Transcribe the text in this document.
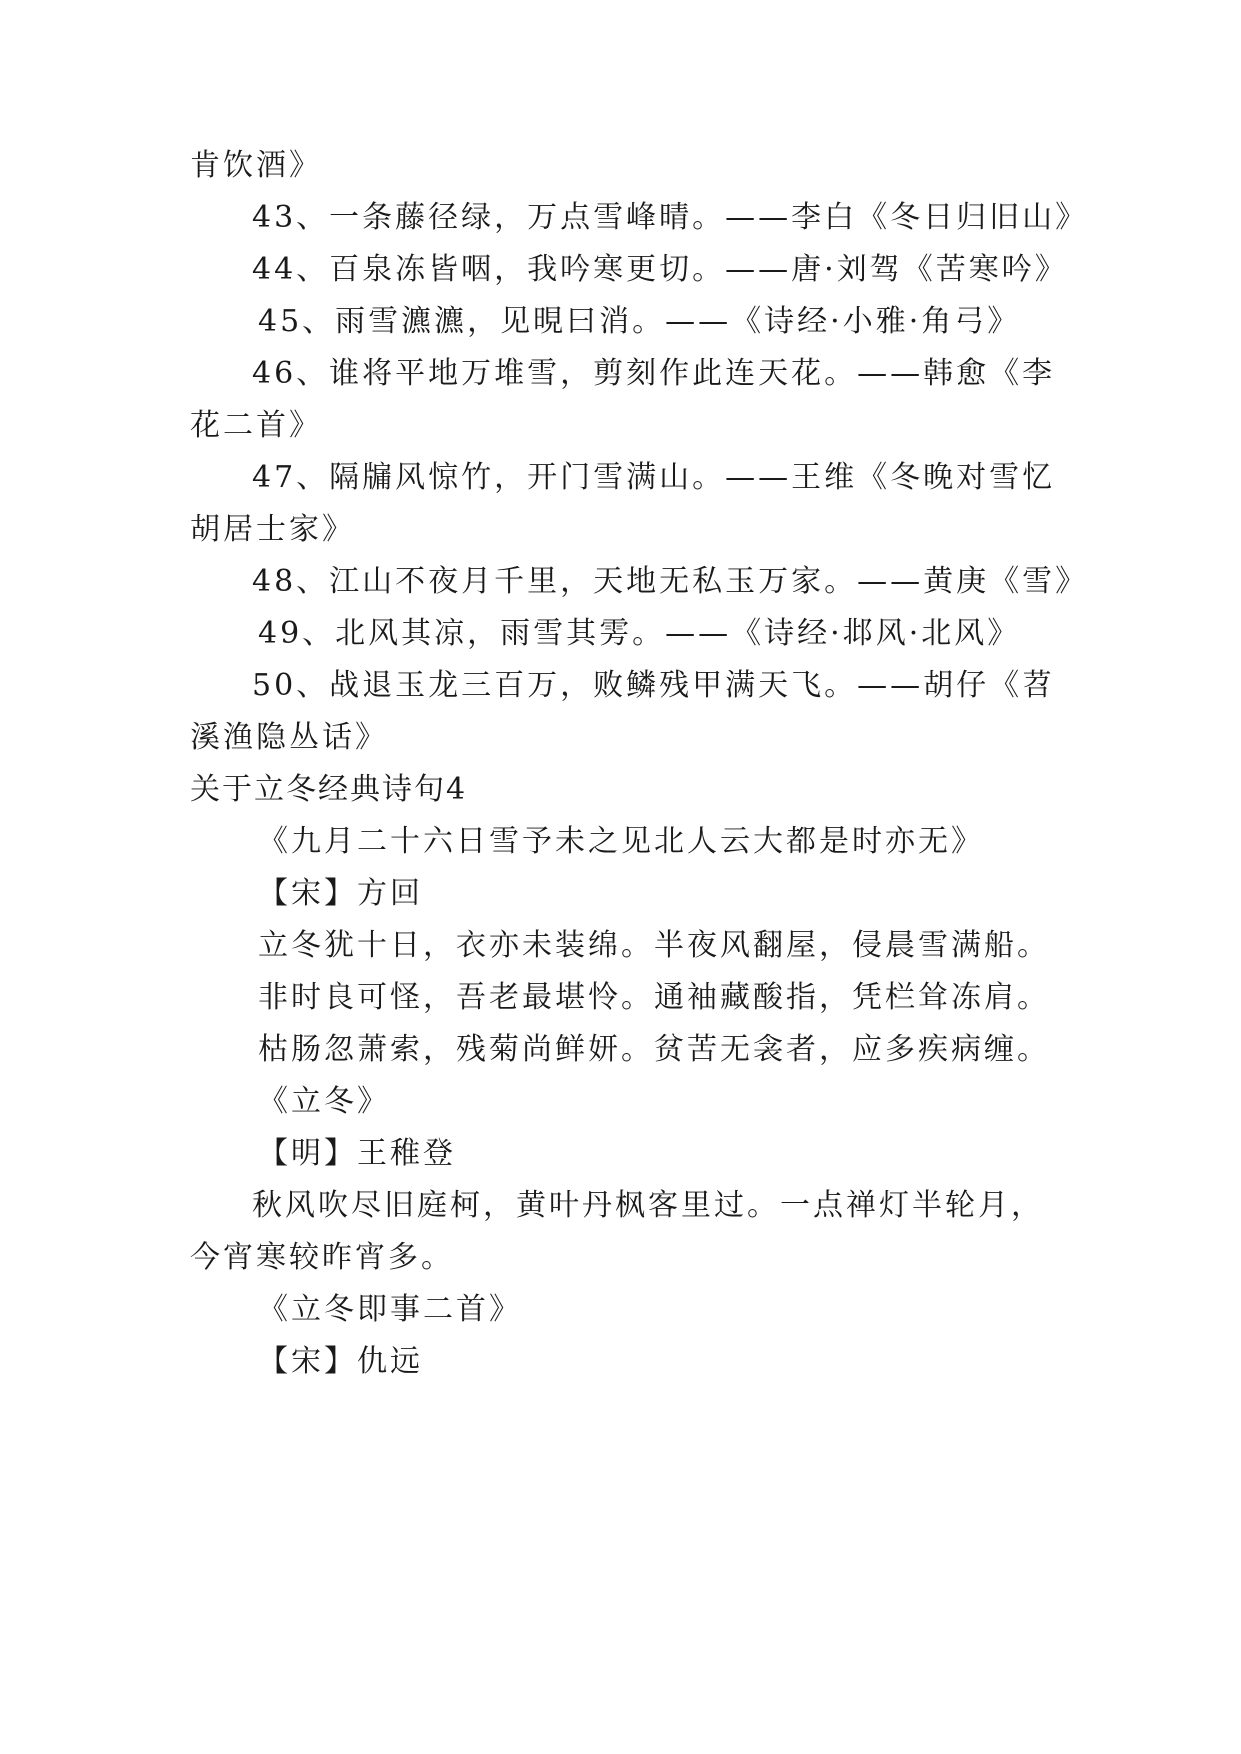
肯饮酒》
43、一条藤径绿，万点雪峰晴。——李白《冬日归旧山》
44、百泉冻皆咽，我吟寒更切。——唐·刘驾《苦寒吟》
45、雨雪瀌瀌，见晛曰消。——《诗经·小雅·角弓》
46、谁将平地万堆雪，剪刻作此连天花。——韩愈《李
花二首》
47、隔牖风惊竹，开门雪满山。——王维《冬晚对雪忆
胡居士家》
48、江山不夜月千里，天地无私玉万家。——黄庚《雪》
49、北风其凉，雨雪其雱。——《诗经·邶风·北风》
50、战退玉龙三百万，败鳞残甲满天飞。——胡仔《苕
溪渔隐丛话》
关于立冬经典诗句4
《九月二十六日雪予未之见北人云大都是时亦无》
【宋】方回
立冬犹十日，衣亦未装绵。半夜风翻屋，侵晨雪满船。
非时良可怪，吾老最堪怜。通袖藏酸指，凭栏耸冻肩。
枯肠忽萧索，残菊尚鲜妍。贫苦无衾者，应多疾病缠。
《立冬》
【明】王稚登
秋风吹尽旧庭柯，黄叶丹枫客里过。一点禅灯半轮月，
今宵寒较昨宵多。
《立冬即事二首》
【宋】仇远
